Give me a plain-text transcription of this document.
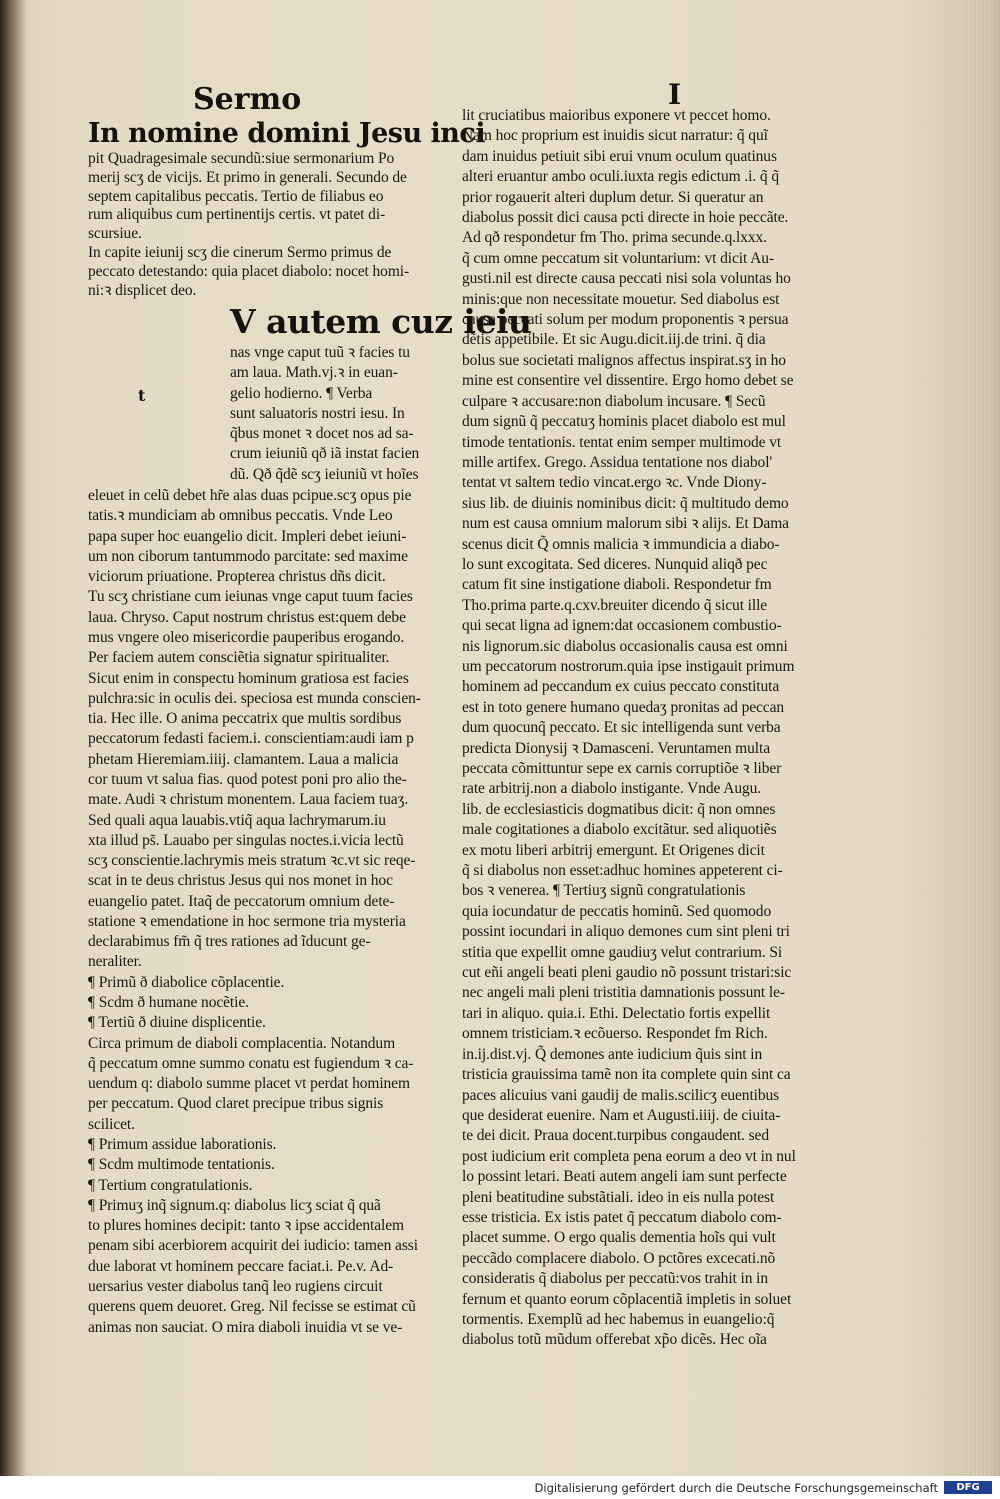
Sermo	I
In nomine domini Jesu inci

pit Quadragesimale secundũ:siue sermonarium Po

merij scʒ de vicijs. Et primo in generali. Secundo de

septem capitalibus peccatis. Tertio de filiabus eo

rum aliquibus cum pertinentijs certis. vt patet di-

scursiue.

In capite ieiunij scʒ die cinerum Sermo primus de

peccato detestando: quia placet diabolo: nocet homi-

ni:ꝛ displicet deo.

V autem cuz ieiu
t

nas vnge caput tuũ ꝛ facies tu

am laua. Math.vj.ꝛ in euan-

gelio hodierno. ¶ Verba

sunt saluatoris nostri iesu. In

q̃bus monet ꝛ docet nos ad sa-

crum ieiuniũ qð iã instat facien

dũ. Qð q̃dẽ scʒ ieiuniũ vt hoĩes

eleuet in celũ debet hr̃e alas duas pcipue.scʒ opus pie

tatis.ꝛ mundiciam ab omnibus peccatis. Vnde Leo

papa super hoc euangelio dicit. Impleri debet ieiuni-

um non ciborum tantummodo parcitate: sed maxime

viciorum priuatione. Propterea christus dñs dicit.

Tu scʒ christiane cum ieiunas vnge caput tuum facies

laua. Chryso. Caput nostrum christus est:quem debe

mus vngere oleo misericordie pauperibus erogando.

Per faciem autem consciẽtia signatur spiritualiter.

Sicut enim in conspectu hominum gratiosa est facies

pulchra:sic in oculis dei. speciosa est munda conscien-

tia. Hec ille. O anima peccatrix que multis sordibus

peccatorum fedasti faciem.i. conscientiam:audi iam p

phetam Hieremiam.iiij. clamantem. Laua a malicia

cor tuum vt salua fias. quod potest poni pro alio the-

mate. Audi ꝛ christum monentem. Laua faciem tuaʒ.

Sed quali aqua lauabis.vtiq̃ aqua lachrymarum.iu

xta illud ps̃. Lauabo per singulas noctes.i.vicia lectũ

scʒ conscientie.lachrymis meis stratum ꝛc.vt sic reqe-

scat in te deus christus Jesus qui nos monet in hoc

euangelio patet. Itaq̃ de peccatorum omnium dete-

statione ꝛ emendatione in hoc sermone tria mysteria

declarabimus fm̃ q̃ tres rationes ad ĩducunt ge-

neraliter.

¶ Primũ ð diabolice cõplacentie.

¶ Scdm ð humane nocẽtie.

¶ Tertiũ ð diuine displicentie.

Circa primum de diaboli complacentia. Notandum

q̃ peccatum omne summo conatu est fugiendum ꝛ ca-

uendum q: diabolo summe placet vt perdat hominem

per peccatum. Quod claret precipue tribus signis

scilicet.

¶ Primum assidue laborationis.

¶ Scdm multimode tentationis.

¶ Tertium congratulationis.

¶ Primuʒ inq̃ signum.q: diabolus licʒ sciat q̃ quã

to plures homines decipit: tanto ꝛ ipse accidentalem

penam sibi acerbiorem acquirit dei iudicio: tamen assi

due laborat vt hominem peccare faciat.i. Pe.v. Ad-

uersarius vester diabolus tanq̃ leo rugiens circuit

querens quem deuoret. Greg. Nil fecisse se estimat cũ

animas non sauciat. O mira diaboli inuidia vt se ve-

lit cruciatibus maioribus exponere vt peccet homo.

Nam hoc proprium est inuidis sicut narratur: q̃ quĩ

dam inuidus petiuit sibi erui vnum oculum quatinus

alteri eruantur ambo oculi.iuxta regis edictum .i. q̃ q̃

prior rogauerit alteri duplum detur. Si queratur an

diabolus possit dici causa pcti directe in hoie peccãte.

Ad qð respondetur fm Tho. prima secunde.q.lxxx.

q̃ cum omne peccatum sit voluntarium: vt dicit Au-

gusti.nil est directe causa peccati nisi sola voluntas ho

minis:que non necessitate mouetur. Sed diabolus est

causa peccati solum per modum proponentis ꝛ persua

dẽtis appetibile. Et sic Augu.dicit.iij.de trini. q̃ dia

bolus sue societati malignos affectus inspirat.sʒ in ho

mine est consentire vel dissentire. Ergo homo debet se

culpare ꝛ accusare:non diabolum incusare. ¶ Secũ

dum signũ q̃ peccatuʒ hominis placet diabolo est mul

timode tentationis. tentat enim semper multimode vt

mille artifex. Grego. Assidua tentatione nos diabol'

tentat vt saltem tedio vincat.ergo ꝛc. Vnde Diony-

sius lib. de diuinis nominibus dicit: q̃ multitudo demo

num est causa omnium malorum sibi ꝛ alijs. Et Dama

scenus dicit Q̃ omnis malicia ꝛ immundicia a diabo-

lo sunt excogitata. Sed diceres. Nunquid aliqð pec

catum fit sine instigatione diaboli. Respondetur fm

Tho.prima parte.q.cxv.breuiter dicendo q̃ sicut ille

qui secat ligna ad ignem:dat occasionem combustio-

nis lignorum.sic diabolus occasionalis causa est omni

um peccatorum nostrorum.quia ipse instigauit primum

hominem ad peccandum ex cuius peccato constituta

est in toto genere humano quedaʒ pronitas ad peccan

dum quocunq̃ peccato. Et sic intelligenda sunt verba

predicta Dionysij ꝛ Damasceni. Veruntamen multa

peccata cõmittuntur sepe ex carnis corruptiõe ꝛ liber

rate arbitrij.non a diabolo instigante. Vnde Augu.

lib. de ecclesiasticis dogmatibus dicit: q̃ non omnes

male cogitationes a diabolo excitãtur. sed aliquotiẽs

ex motu liberi arbitrij emergunt. Et Origenes dicit

q̃ si diabolus non esset:adhuc homines appeterent ci-

bos ꝛ venerea. ¶ Tertiuʒ signũ congratulationis

quia iocundatur de peccatis hominũ. Sed quomodo

possint iocundari in aliquo demones cum sint pleni tri

stitia que expellit omne gaudiuʒ velut contrarium. Si

cut eñi angeli beati pleni gaudio nõ possunt tristari:sic

nec angeli mali pleni tristitia damnationis possunt le-

tari in aliquo. quia.i. Ethi. Delectatio fortis expellit

omnem tristiciam.ꝛ ecõuerso. Respondet fm Rich.

in.ij.dist.vj. Q̃ demones ante iudicium q̃uis sint in

tristicia grauissima tamẽ non ita complete quin sint ca

paces alicuius vani gaudij de malis.scilicʒ euentibus

que desiderat euenire. Nam et Augusti.iiij. de ciuita-

te dei dicit. Praua docent.turpibus congaudent. sed

post iudicium erit completa pena eorum a deo vt in nul

lo possint letari. Beati autem angeli iam sunt perfecte

pleni beatitudine substãtiali. ideo in eis nulla potest

esse tristicia. Ex istis patet q̃ peccatum diabolo com-

placet summe. O ergo qualis dementia hoĩs qui vult

peccãdo complacere diabolo. O pctõres excecati.nõ

consideratis q̃ diabolus per peccatũ:vos trahit in in

fernum et quanto eorum cõplacentiã impletis in soluet

tormentis. Exemplũ ad hec habemus in euangelio:q̃

diabolus totũ mũdum offerebat xp̃o dicẽs. Hec oĩa

Digitalisierung gefördert durch die Deutsche Forschungsgemeinschaft	DFG
